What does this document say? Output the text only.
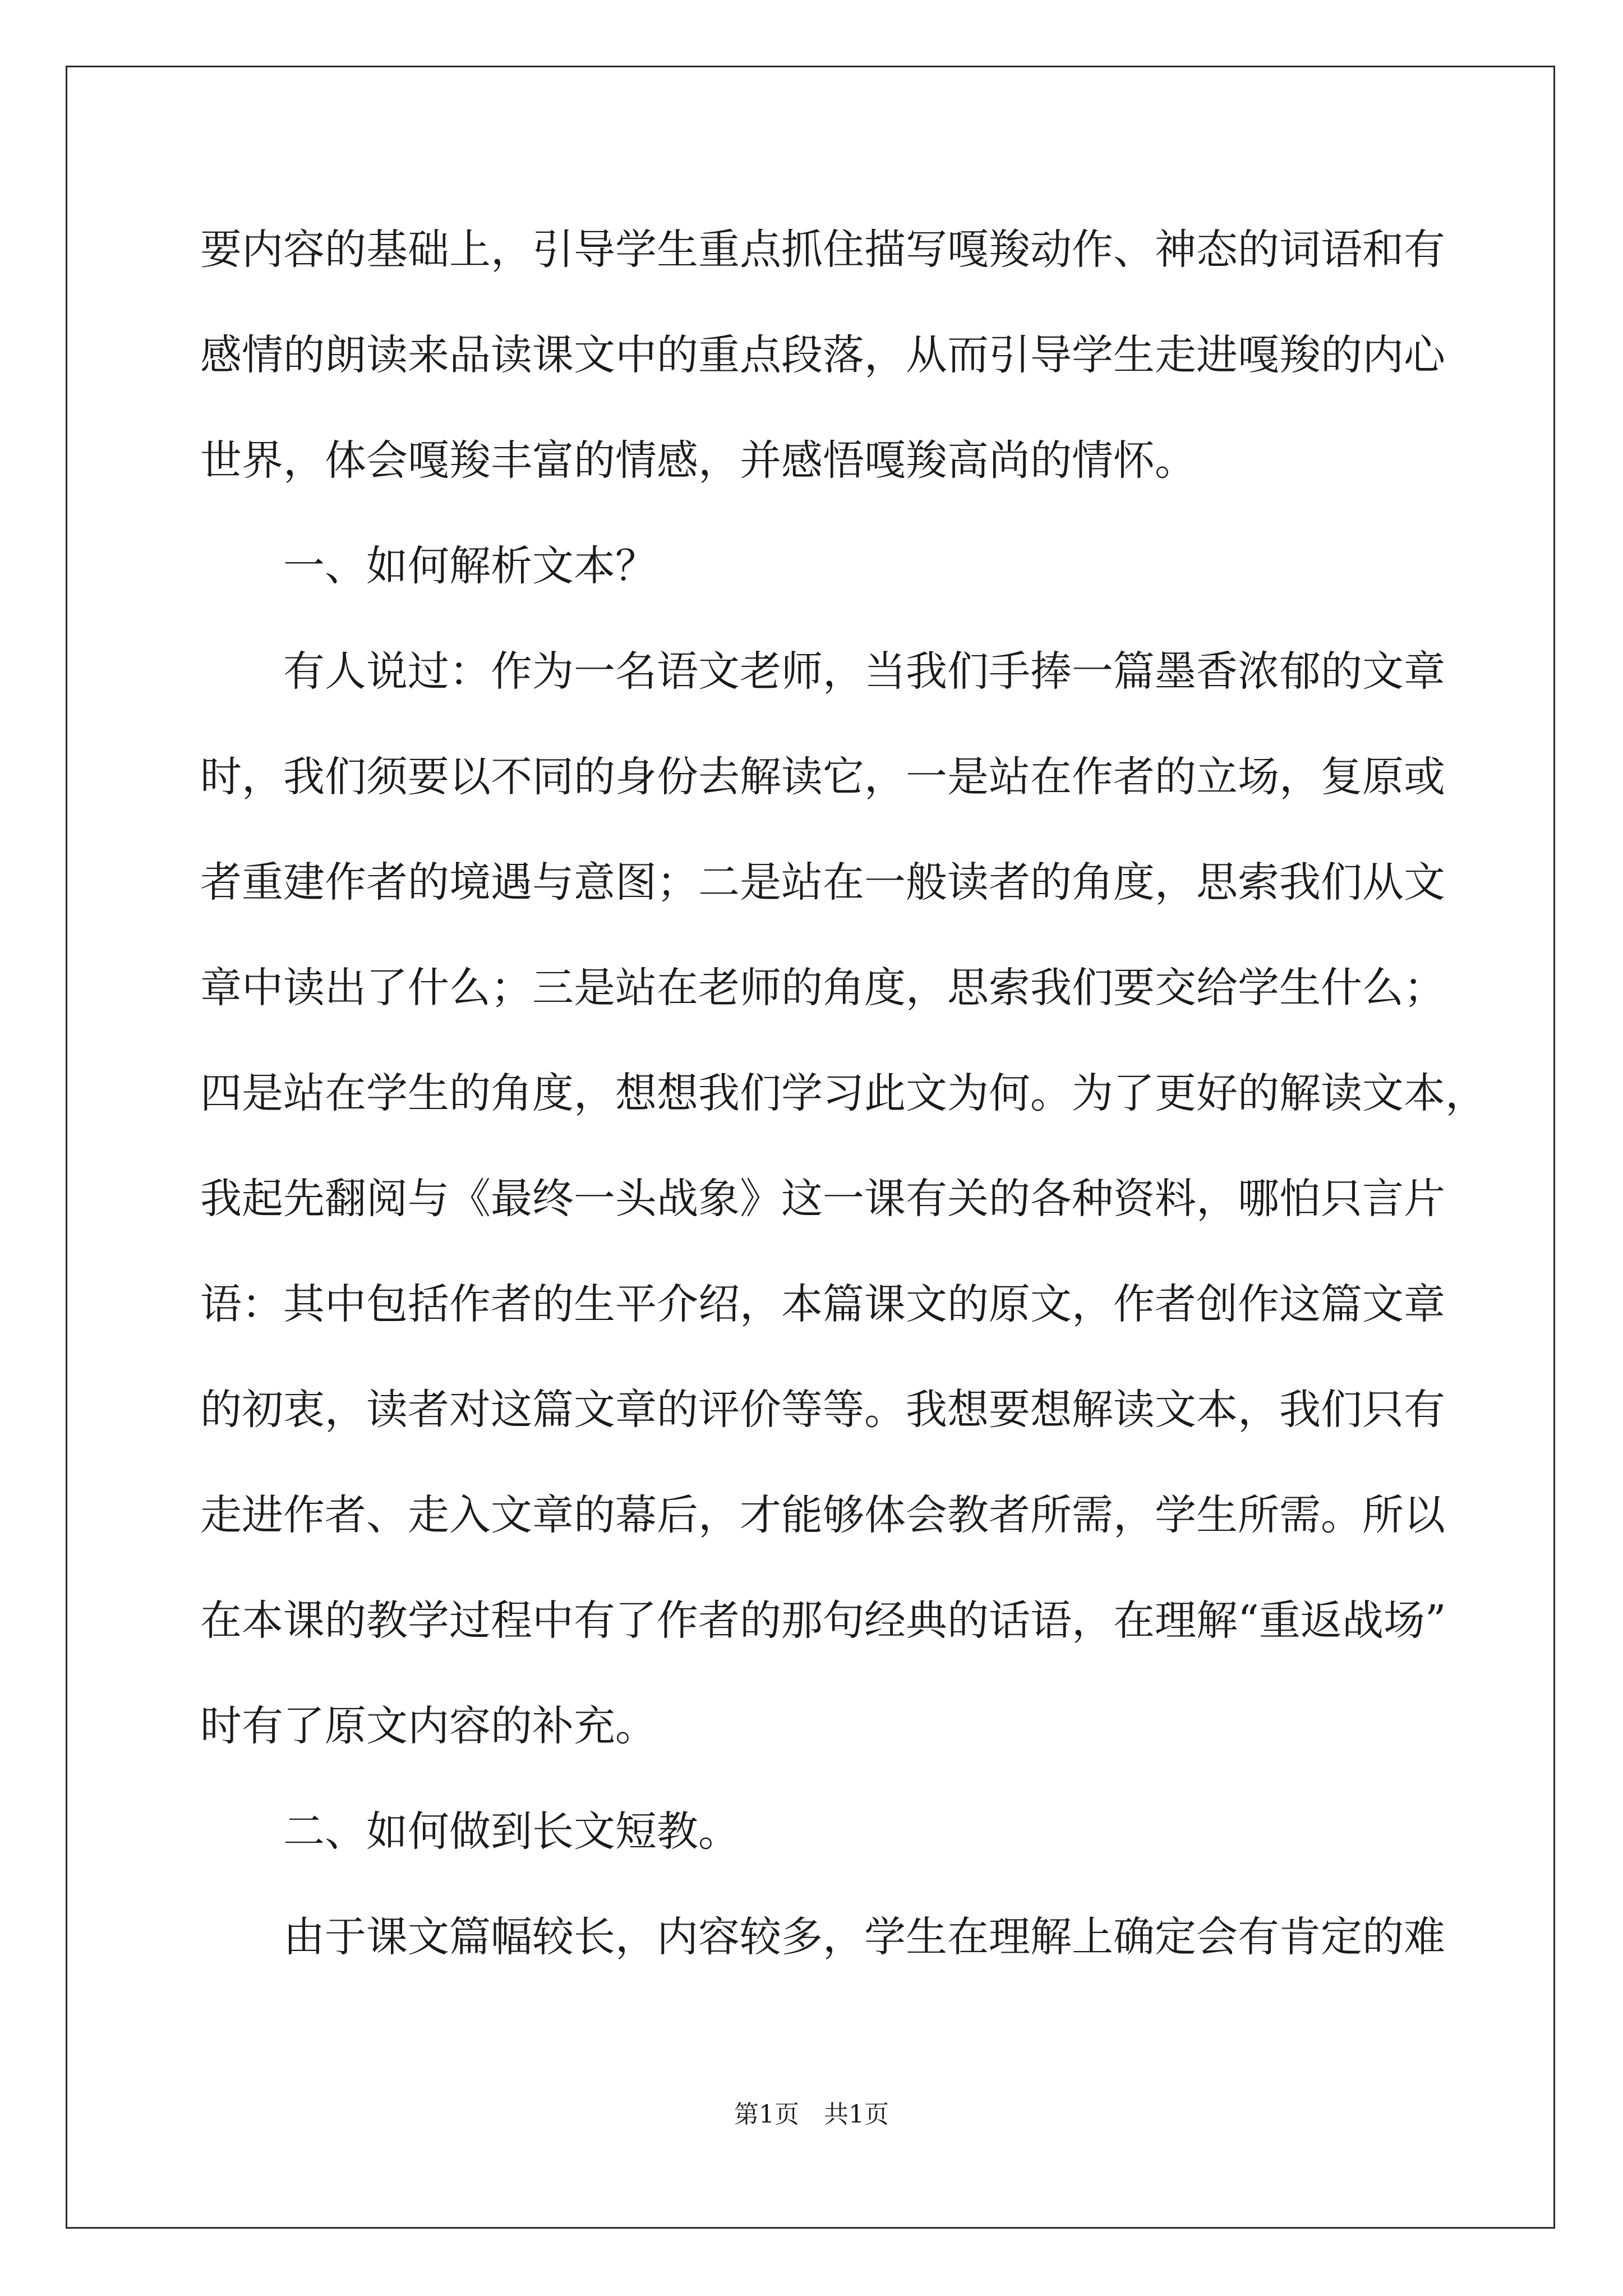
要内容的基础上，引导学生重点抓住描写嘎羧动作、神态的词语和有
感情的朗读来品读课文中的重点段落，从而引导学生走进嘎羧的内心
世界，体会嘎羧丰富的情感，并感悟嘎羧高尚的情怀。
　　一、如何解析文本？
　　有人说过：作为一名语文老师，当我们手捧一篇墨香浓郁的文章
时，我们须要以不同的身份去解读它，一是站在作者的立场，复原或
者重建作者的境遇与意图；二是站在一般读者的角度，思索我们从文
章中读出了什么；三是站在老师的角度，思索我们要交给学生什么；
四是站在学生的角度，想想我们学习此文为何。为了更好的解读文本，
我起先翻阅与《最终一头战象》这一课有关的各种资料，哪怕只言片
语：其中包括作者的生平介绍，本篇课文的原文，作者创作这篇文章
的初衷，读者对这篇文章的评价等等。我想要想解读文本，我们只有
走进作者、走入文章的幕后，才能够体会教者所需，学生所需。所以
在本课的教学过程中有了作者的那句经典的话语，在理解“重返战场”
时有了原文内容的补充。
　　二、如何做到长文短教。
　　由于课文篇幅较长，内容较多，学生在理解上确定会有肯定的难
第1页 共1页
